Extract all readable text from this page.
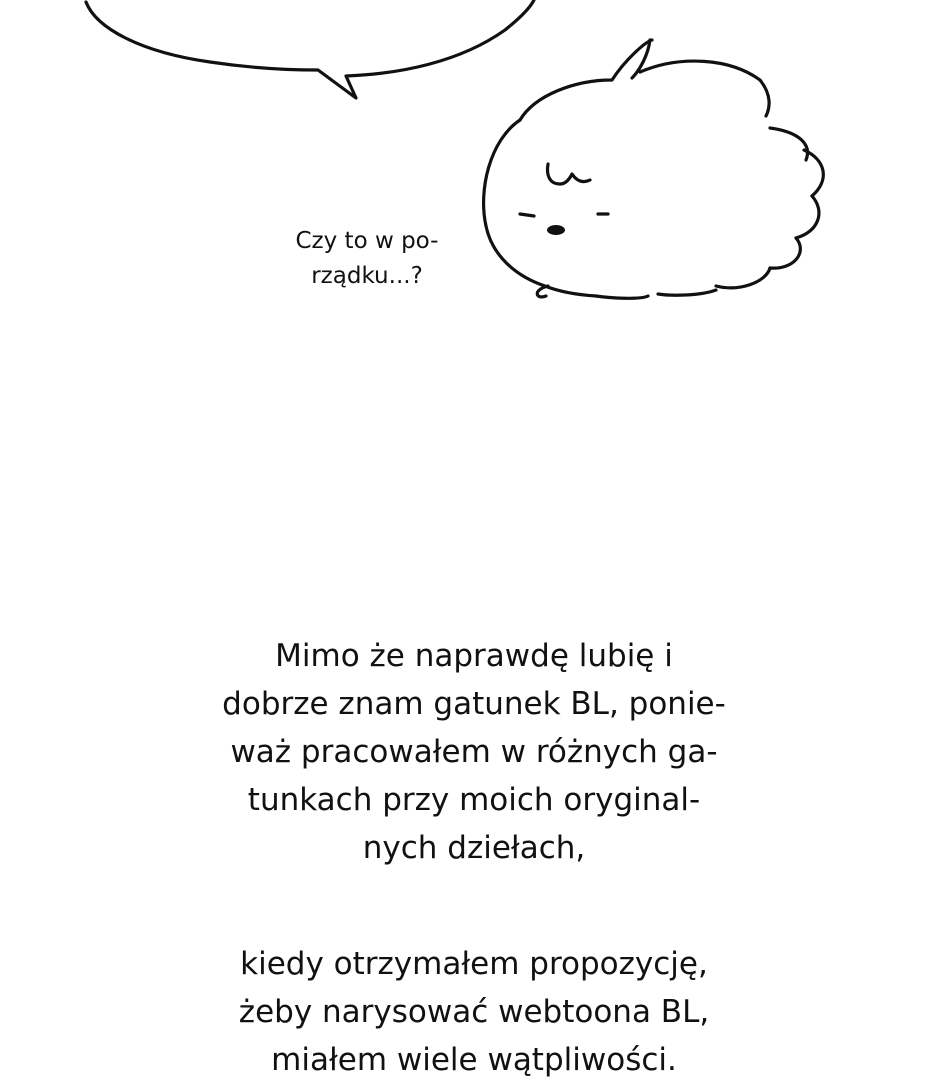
Czy to w po-
rządku...?
Mimo że naprawdę lubię i
dobrze znam gatunek BL, ponie-
waż pracowałem w różnych ga-
tunkach przy moich oryginal-
nych dziełach,
kiedy otrzymałem propozycję,
żeby narysować webtoona BL,
miałem wiele wątpliwości.
